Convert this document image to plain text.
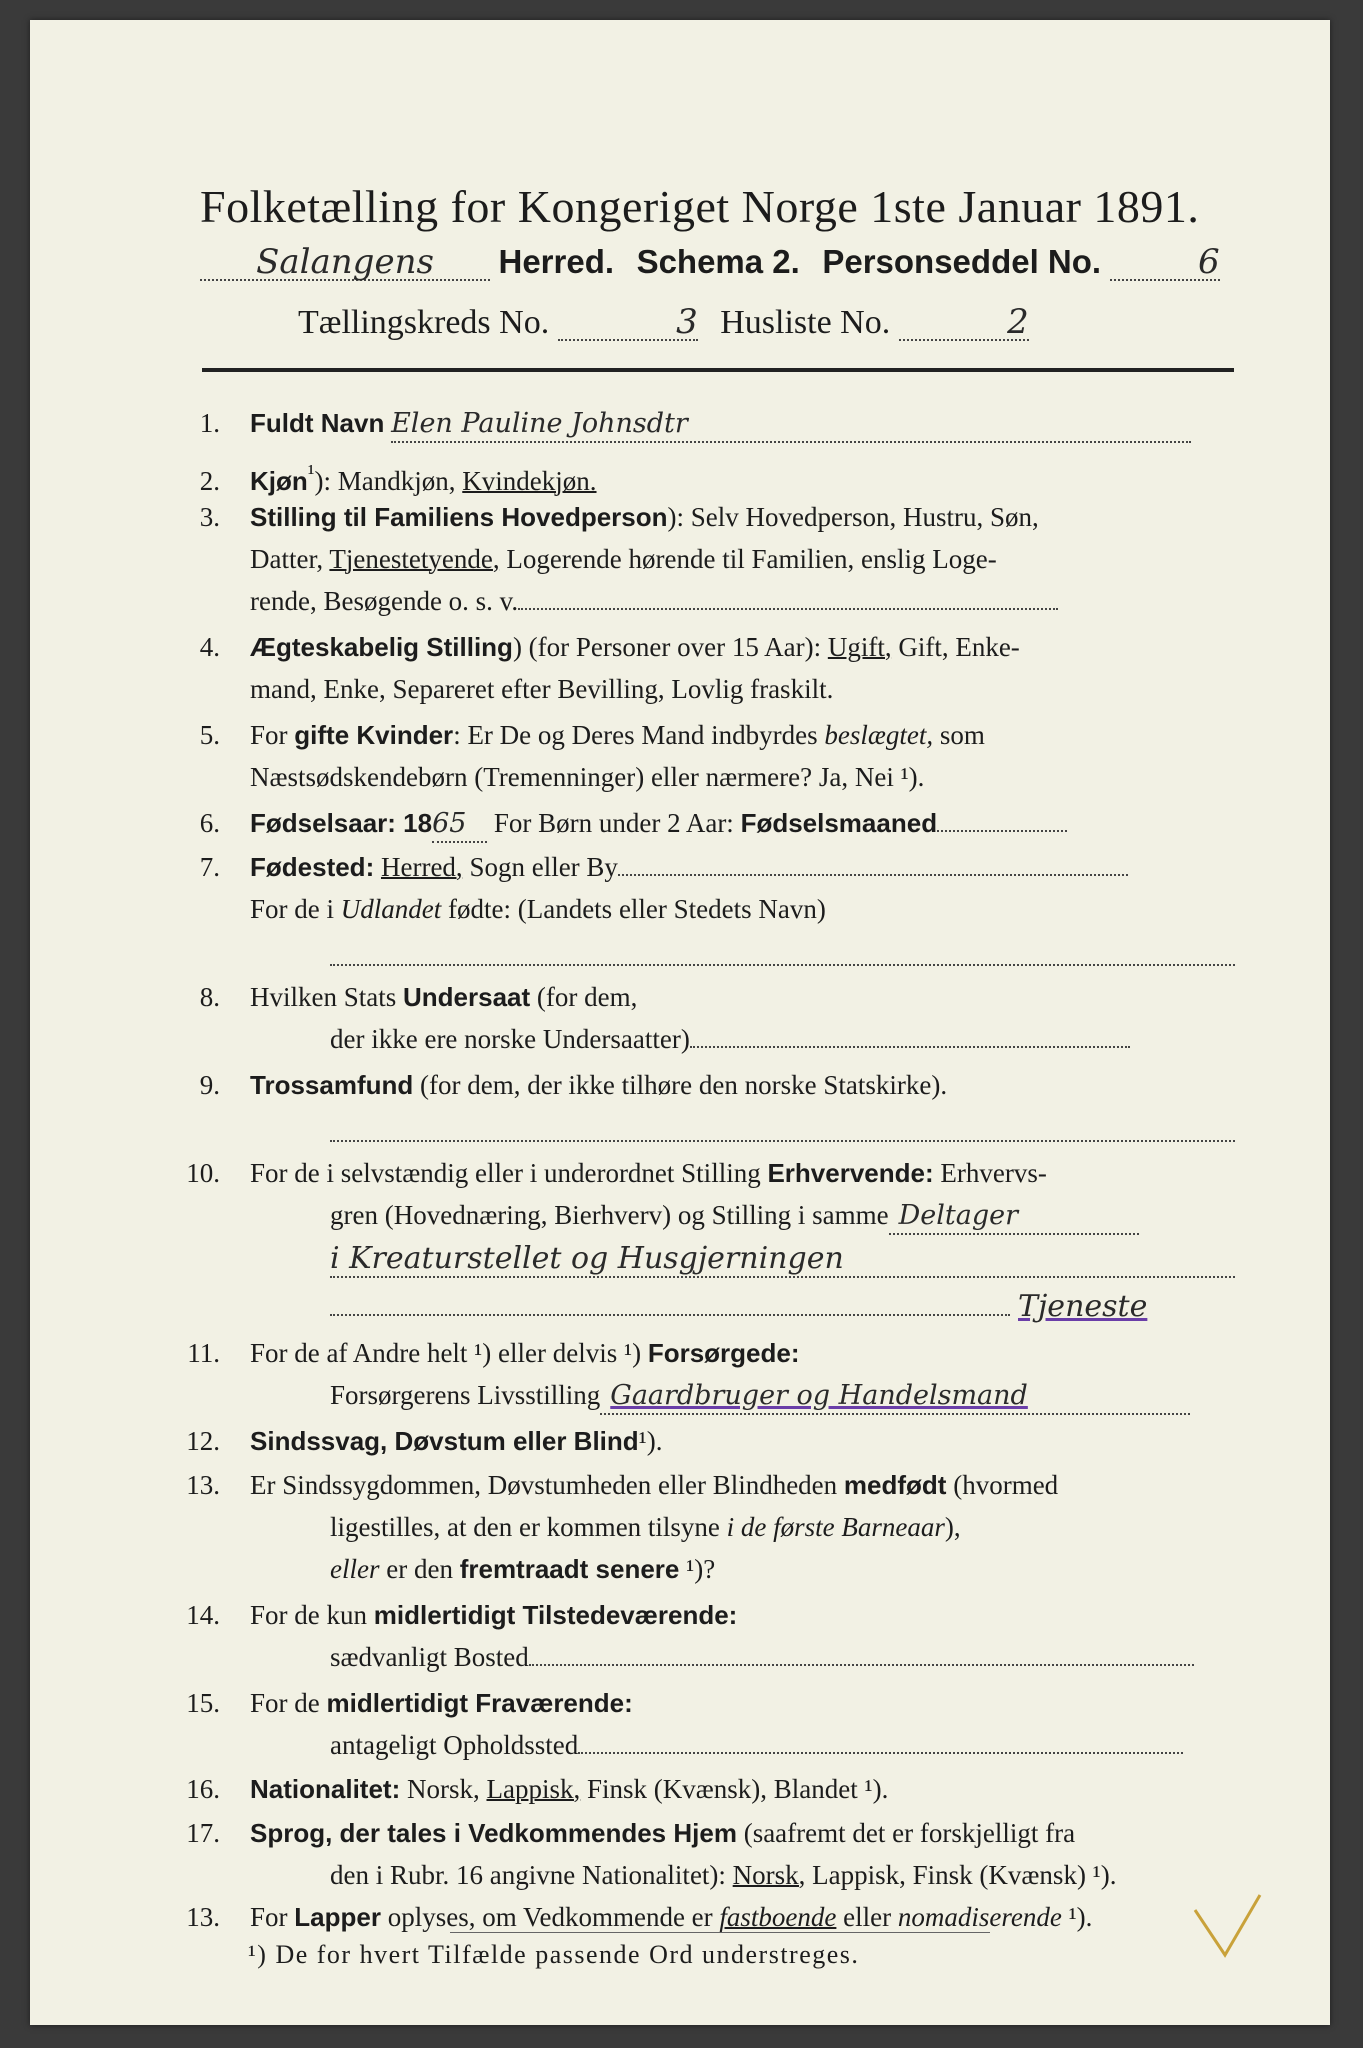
Folketælling for Kongeriget Norge 1ste Januar 1891.
Salangens Herred. Schema 2. Personseddel No.	6
Tællingskreds No.	3 Husliste No.	2
1. Fuldt Navn Elen Pauline Johnsdtr
2. Kjøn$^{^1}$): Mandkjøn, Kvindekjøn.
3. Stilling til Familiens Hovedperson): Selv Hovedperson, Hustru, Søn,
Datter, Tjenestetyende, Logerende hørende til Familien, enslig Loge-
rende, Besøgende o. s. v.
4. Ægteskabelig Stilling) (for Personer over 15 Aar): Ugift, Gift, Enke-
mand, Enke, Separeret efter Bevilling, Lovlig fraskilt.
5. For gifte Kvinder: Er De og Deres Mand indbyrdes beslægtet, som
Næstsødskendebørn (Tremenninger) eller nærmere? Ja, Nei ¹).
6. Fødselsaar: 1865 For Børn under 2 Aar: Fødselsmaaned
7. Fødested: Herred, Sogn eller By
For de i Udlandet fødte: (Landets eller Stedets Navn)
8. Hvilken Stats Undersaat (for dem,
der ikke ere norske Undersaatter)
9. Trossamfund (for dem, der ikke tilhøre den norske Statskirke).
10. For de i selvstændig eller i underordnet Stilling Erhvervende: Erhvervs-
gren (Hovednæring, Bierhverv) og Stilling i samme Deltager
i Kreaturstellet og Husgjerningen
Tjeneste
11. For de af Andre helt ¹) eller delvis ¹) Forsørgede:
Forsørgerens Livsstilling Gaardbruger og Handelsmand
12. Sindssvag, Døvstum eller Blind¹).
13. Er Sindssygdommen, Døvstumheden eller Blindheden medfødt (hvormed
ligestilles, at den er kommen tilsyne i de første Barneaar),
eller er den fremtraadt senere ¹)?
14. For de kun midlertidigt Tilstedeværende:
sædvanligt Bosted
15. For de midlertidigt Fraværende:
antageligt Opholdssted
16. Nationalitet: Norsk, Lappisk, Finsk (Kvænsk), Blandet ¹).
17. Sprog, der tales i Vedkommendes Hjem (saafremt det er forskjelligt fra
den i Rubr. 16 angivne Nationalitet): Norsk, Lappisk, Finsk (Kvænsk) ¹).
13. For Lapper oplyses, om Vedkommende er fastboende eller nomadiserende ¹).
¹) De for hvert Tilfælde passende Ord understreges.
